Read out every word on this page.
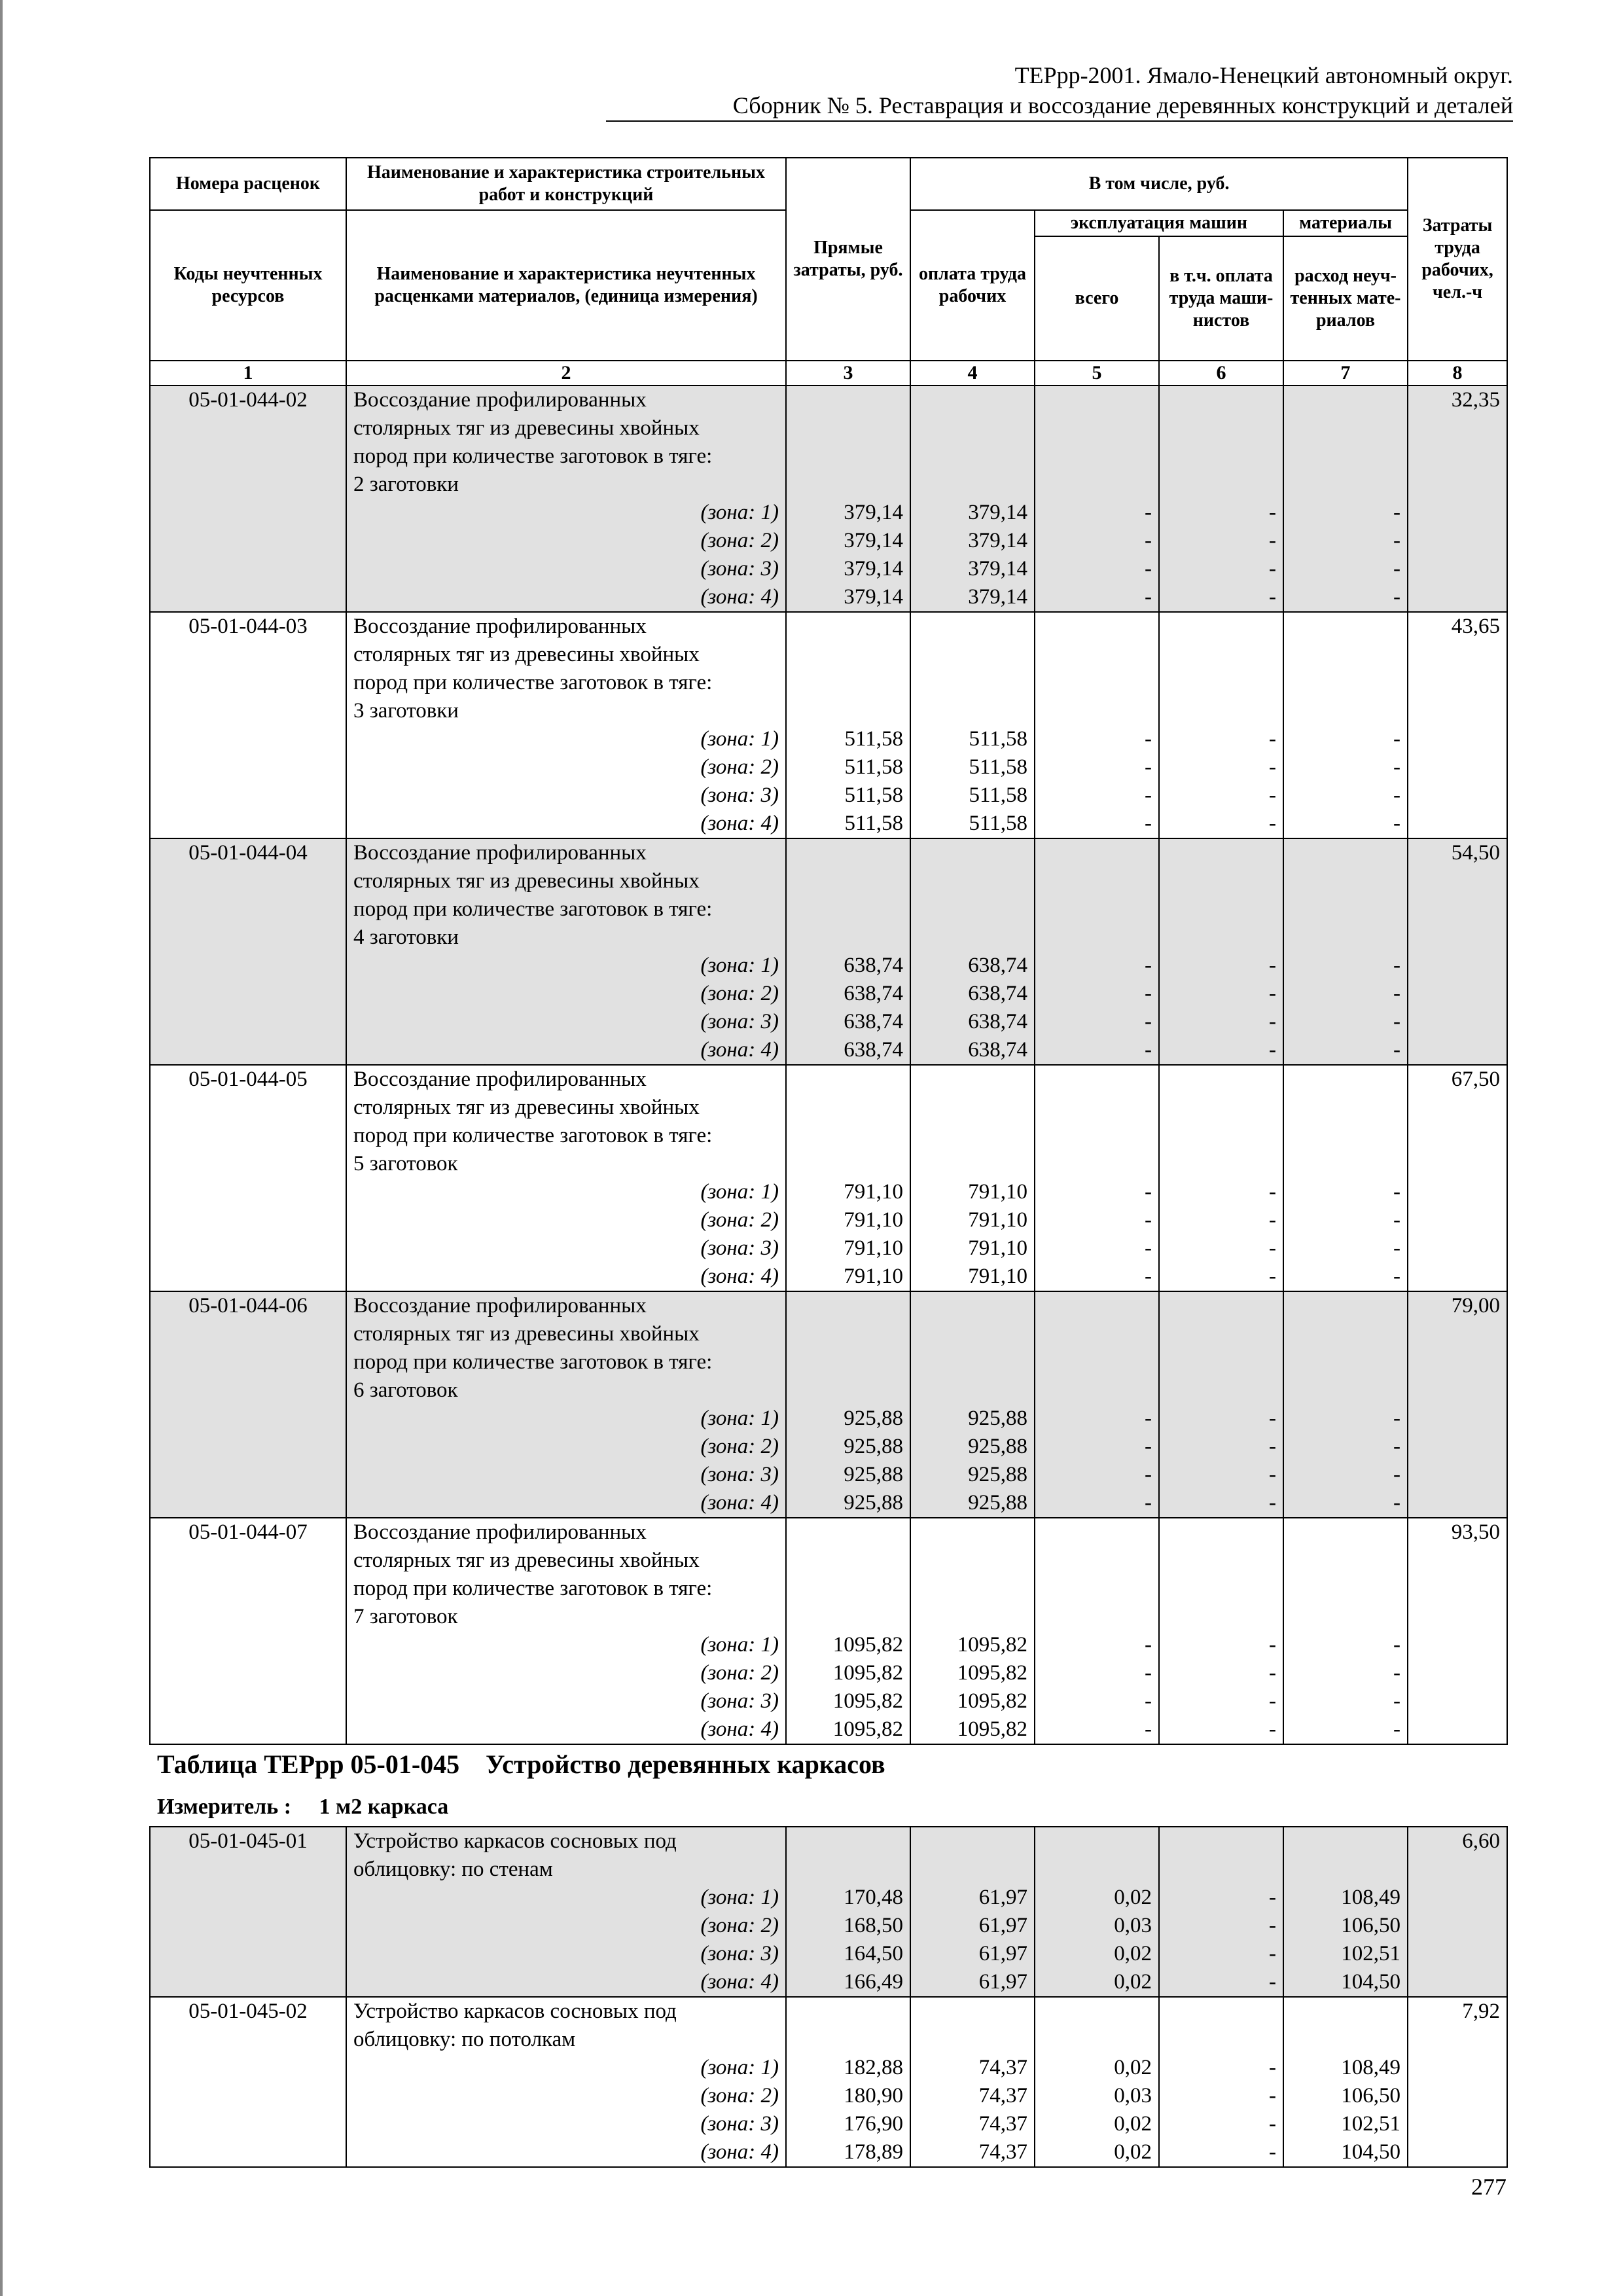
ТЕРрр-2001. Ямало-Ненецкий автономный округ.
Сборник № 5. Реставрация и воссоздание деревянных конструкций и деталей
Номера расценок	Наименование и характеристика строительных работ и конструкций	Прямые затраты, руб.	В том числе, руб.				Затраты труда рабочих, чел.-ч
Коды неучтенных ресурсов	Наименование и характеристика неучтенных расценками материалов, (единица измерения)		оплата труда рабочих	эксплуатация машин		материалы	
				всего	в т.ч. оплата труда маши-нистов	расход неуч-тенных мате-риалов	
1	2	3	4	5	6	7	8
05-01-044-02	Воссоздание профилированных						32,35
	столярных тяг из древесины хвойных						
	пород при количестве заготовок в тяге:						
	2 заготовки						
	(зона: 1)	379,14	379,14	-	-	-	
	(зона: 2)	379,14	379,14	-	-	-	
	(зона: 3)	379,14	379,14	-	-	-	
	(зона: 4)	379,14	379,14	-	-	-	
05-01-044-03	Воссоздание профилированных						43,65
	столярных тяг из древесины хвойных						
	пород при количестве заготовок в тяге:						
	3 заготовки						
	(зона: 1)	511,58	511,58	-	-	-	
	(зона: 2)	511,58	511,58	-	-	-	
	(зона: 3)	511,58	511,58	-	-	-	
	(зона: 4)	511,58	511,58	-	-	-	
05-01-044-04	Воссоздание профилированных						54,50
	столярных тяг из древесины хвойных						
	пород при количестве заготовок в тяге:						
	4 заготовки						
	(зона: 1)	638,74	638,74	-	-	-	
	(зона: 2)	638,74	638,74	-	-	-	
	(зона: 3)	638,74	638,74	-	-	-	
	(зона: 4)	638,74	638,74	-	-	-	
05-01-044-05	Воссоздание профилированных						67,50
	столярных тяг из древесины хвойных						
	пород при количестве заготовок в тяге:						
	5 заготовок						
	(зона: 1)	791,10	791,10	-	-	-	
	(зона: 2)	791,10	791,10	-	-	-	
	(зона: 3)	791,10	791,10	-	-	-	
	(зона: 4)	791,10	791,10	-	-	-	
05-01-044-06	Воссоздание профилированных						79,00
	столярных тяг из древесины хвойных						
	пород при количестве заготовок в тяге:						
	6 заготовок						
	(зона: 1)	925,88	925,88	-	-	-	
	(зона: 2)	925,88	925,88	-	-	-	
	(зона: 3)	925,88	925,88	-	-	-	
	(зона: 4)	925,88	925,88	-	-	-	
05-01-044-07	Воссоздание профилированных						93,50
	столярных тяг из древесины хвойных						
	пород при количестве заготовок в тяге:						
	7 заготовок						
	(зона: 1)	1095,82	1095,82	-	-	-	
	(зона: 2)	1095,82	1095,82	-	-	-	
	(зона: 3)	1095,82	1095,82	-	-	-	
	(зона: 4)	1095,82	1095,82	-	-	-	
Таблица ТЕРрр 05-01-045    Устройство деревянных каркасов
Измеритель :     1 м2 каркаса
05-01-045-01	Устройство каркасов сосновых под						6,60
	облицовку: по стенам						
	(зона: 1)	170,48	61,97	0,02	-	108,49	
	(зона: 2)	168,50	61,97	0,03	-	106,50	
	(зона: 3)	164,50	61,97	0,02	-	102,51	
	(зона: 4)	166,49	61,97	0,02	-	104,50	
05-01-045-02	Устройство каркасов сосновых под						7,92
	облицовку: по потолкам						
	(зона: 1)	182,88	74,37	0,02	-	108,49	
	(зона: 2)	180,90	74,37	0,03	-	106,50	
	(зона: 3)	176,90	74,37	0,02	-	102,51	
	(зона: 4)	178,89	74,37	0,02	-	104,50	
277
